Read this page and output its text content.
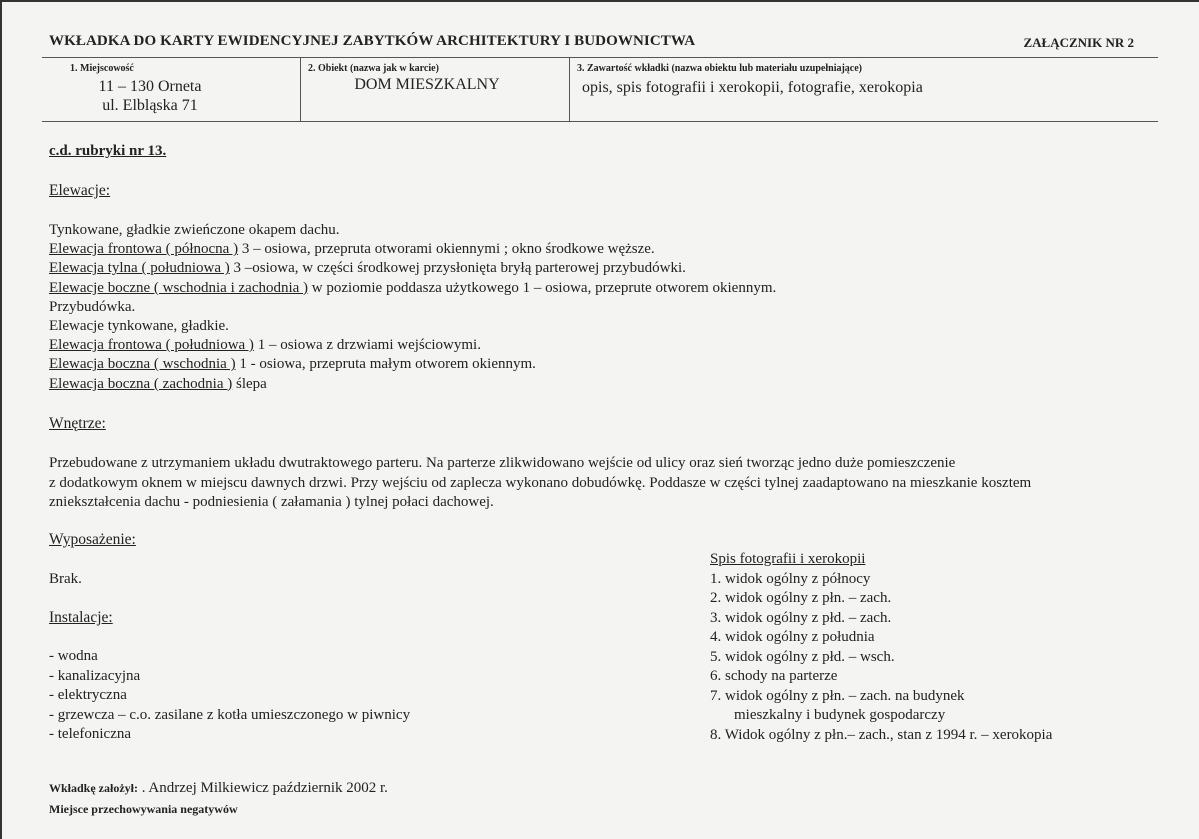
WKŁADKA DO KARTY EWIDENCYJNEJ ZABYTKÓW ARCHITEKTURY I BUDOWNICTWA	ZAŁĄCZNIK NR 2
1. Miejscowość
11 – 130 Orneta
ul. Elbląska 71
2. Obiekt (nazwa jak w karcie)
DOM MIESZKALNY
3. Zawartość wkładki (nazwa obiektu lub materiału uzupełniające)
opis, spis fotografii i xerokopii, fotografie, xerokopia
c.d. rubryki nr 13.
Elewacje:
Tynkowane, gładkie zwieńczone okapem dachu.
Elewacja frontowa ( północna ) 3 – osiowa, przepruta otworami okiennymi ; okno środkowe węższe.
Elewacja tylna ( południowa ) 3 –osiowa, w części środkowej przysłonięta bryłą parterowej przybudówki.
Elewacje boczne ( wschodnia i zachodnia ) w poziomie poddasza użytkowego 1 – osiowa, przeprute otworem okiennym.
Przybudówka.
Elewacje tynkowane, gładkie.
Elewacja frontowa ( południowa ) 1 – osiowa z drzwiami wejściowymi.
Elewacja boczna ( wschodnia ) 1 - osiowa, przepruta małym otworem okiennym.
Elewacja boczna ( zachodnia ) ślepa
Wnętrze:
Przebudowane z utrzymaniem układu dwutraktowego parteru. Na parterze zlikwidowano wejście od ulicy oraz sień tworząc jedno duże pomieszczenie
z dodatkowym oknem w miejscu dawnych drzwi. Przy wejściu od zaplecza wykonano dobudówkę. Poddasze w części tylnej zaadaptowano na mieszkanie kosztem
zniekształcenia dachu - podniesienia ( załamania ) tylnej połaci dachowej.
Wyposażenie:
Brak.
Instalacje:
- wodna
- kanalizacyjna
- elektryczna
- grzewcza – c.o. zasilane z kotła umieszczonego w piwnicy
- telefoniczna
Spis fotografii i xerokopii
1. widok ogólny z północy
2. widok ogólny z płn. – zach.
3. widok ogólny z płd. – zach.
4. widok ogólny z południa
5. widok ogólny z płd. – wsch.
6. schody na parterze
7. widok ogólny z płn. – zach. na budynek
mieszkalny i budynek gospodarczy
8. Widok ogólny z płn.– zach., stan z 1994 r. – xerokopia
Wkładkę założył: . Andrzej Milkiewicz październik 2002 r.
Miejsce przechowywania negatywów
